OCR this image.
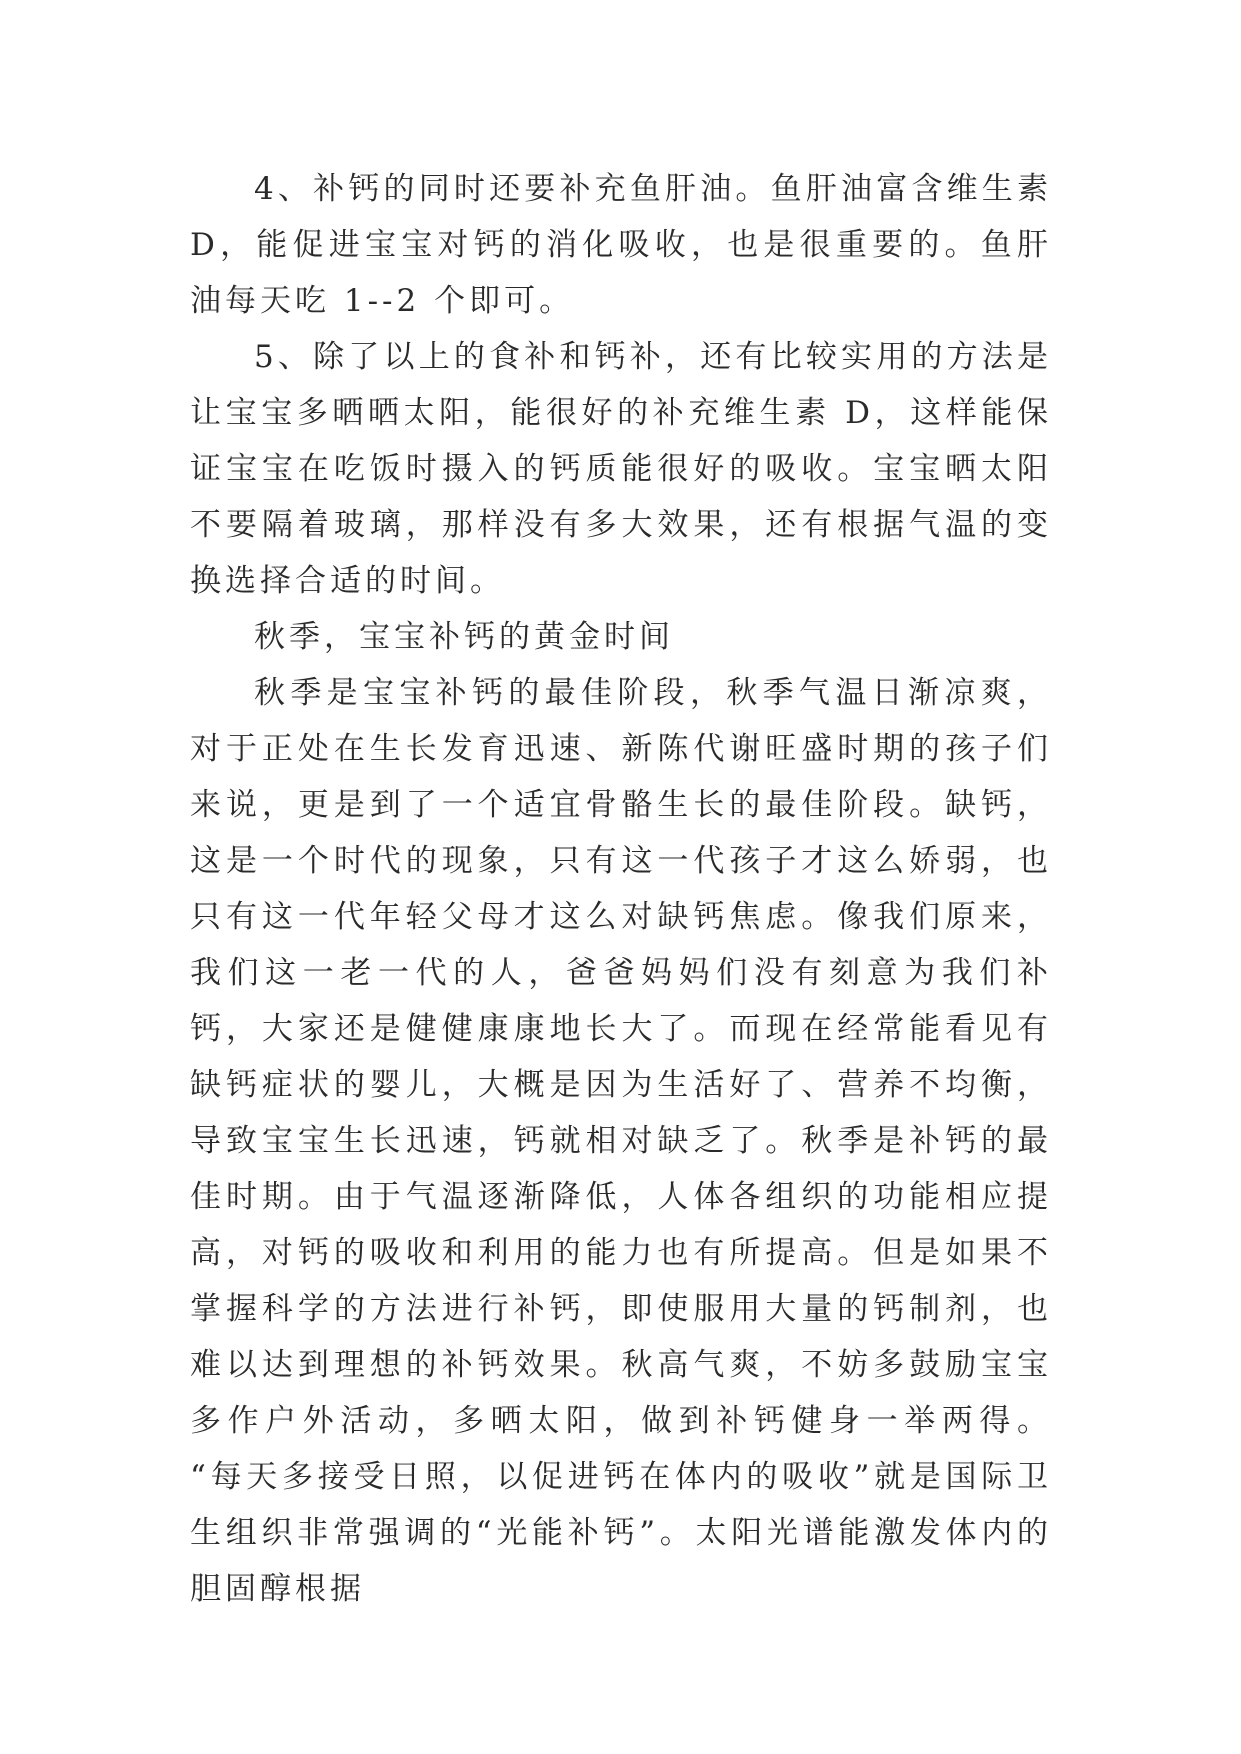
4、补钙的同时还要补充鱼肝油。鱼肝油富含维生素 D，能促进宝宝对钙的消化吸收，也是很重要的。鱼肝油每天吃 1--2 个即可。

5、除了以上的食补和钙补，还有比较实用的方法是让宝宝多晒晒太阳，能很好的补充维生素 D，这样能保证宝宝在吃饭时摄入的钙质能很好的吸收。宝宝晒太阳不要隔着玻璃，那样没有多大效果，还有根据气温的变换选择合适的时间。

秋季，宝宝补钙的黄金时间

秋季是宝宝补钙的最佳阶段，秋季气温日渐凉爽，对于正处在生长发育迅速、新陈代谢旺盛时期的孩子们来说，更是到了一个适宜骨骼生长的最佳阶段。缺钙，这是一个时代的现象，只有这一代孩子才这么娇弱，也只有这一代年轻父母才这么对缺钙焦虑。像我们原来，我们这一老一代的人，爸爸妈妈们没有刻意为我们补钙，大家还是健健康康地长大了。而现在经常能看见有缺钙症状的婴儿，大概是因为生活好了、营养不均衡，导致宝宝生长迅速，钙就相对缺乏了。秋季是补钙的最佳时期。由于气温逐渐降低，人体各组织的功能相应提高，对钙的吸收和利用的能力也有所提高。但是如果不掌握科学的方法进行补钙，即使服用大量的钙制剂，也难以达到理想的补钙效果。秋高气爽，不妨多鼓励宝宝多作户外活动，多晒太阳，做到补钙健身一举两得。 “每天多接受日照，以促进钙在体内的吸收”就是国际卫生组织非常强调的“光能补钙”。太阳光谱能激发体内的胆固醇根据
